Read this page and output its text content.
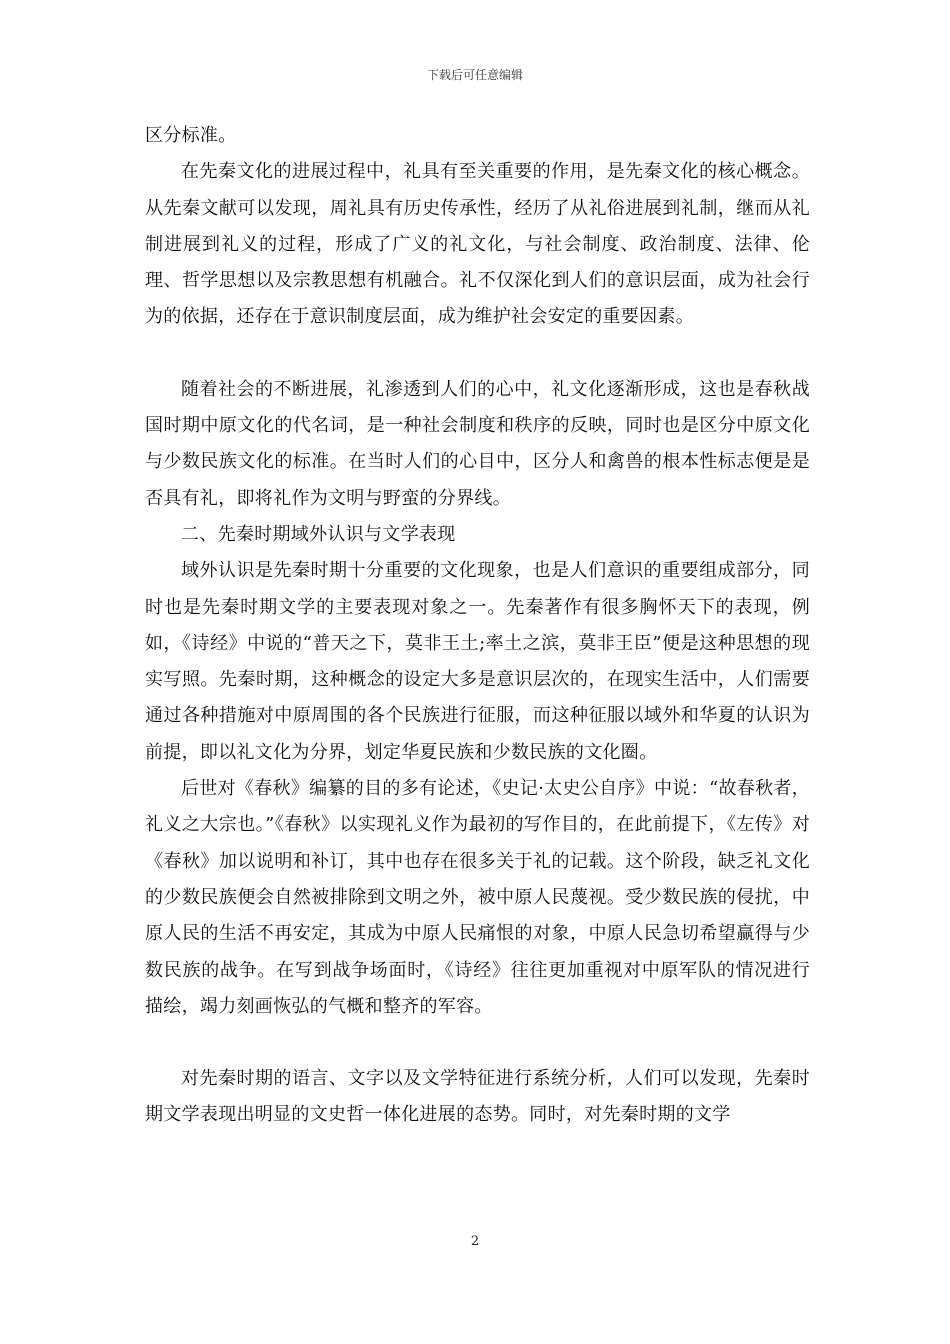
下载后可任意编辑

区分标准。

在先秦文化的进展过程中，礼具有至关重要的作用，是先秦文化的核心概念。从先秦文献可以发现，周礼具有历史传承性，经历了从礼俗进展到礼制，继而从礼制进展到礼义的过程，形成了广义的礼文化，与社会制度、政治制度、法律、伦理、哲学思想以及宗教思想有机融合。礼不仅深化到人们的意识层面，成为社会行为的依据，还存在于意识制度层面，成为维护社会安定的重要因素。

随着社会的不断进展，礼渗透到人们的心中，礼文化逐渐形成，这也是春秋战国时期中原文化的代名词，是一种社会制度和秩序的反映，同时也是区分中原文化与少数民族文化的标准。在当时人们的心目中，区分人和禽兽的根本性标志便是是否具有礼，即将礼作为文明与野蛮的分界线。

二、先秦时期域外认识与文学表现

域外认识是先秦时期十分重要的文化现象，也是人们意识的重要组成部分，同时也是先秦时期文学的主要表现对象之一。先秦著作有很多胸怀天下的表现，例如，《诗经》中说的“普天之下，莫非王土;率土之滨，莫非王臣”便是这种思想的现实写照。先秦时期，这种概念的设定大多是意识层次的，在现实生活中，人们需要通过各种措施对中原周围的各个民族进行征服，而这种征服以域外和华夏的认识为前提，即以礼文化为分界，划定华夏民族和少数民族的文化圈。

后世对《春秋》编纂的目的多有论述，《史记·太史公自序》中说：“故春秋者，礼义之大宗也。”《春秋》以实现礼义作为最初的写作目的，在此前提下，《左传》对《春秋》加以说明和补订，其中也存在很多关于礼的记载。这个阶段，缺乏礼文化的少数民族便会自然被排除到文明之外，被中原人民蔑视。受少数民族的侵扰，中原人民的生活不再安定，其成为中原人民痛恨的对象，中原人民急切希望赢得与少数民族的战争。在写到战争场面时，《诗经》往往更加重视对中原军队的情况进行描绘，竭力刻画恢弘的气概和整齐的军容。

对先秦时期的语言、文字以及文学特征进行系统分析，人们可以发现，先秦时期文学表现出明显的文史哲一体化进展的态势。同时，对先秦时期的文学

2
